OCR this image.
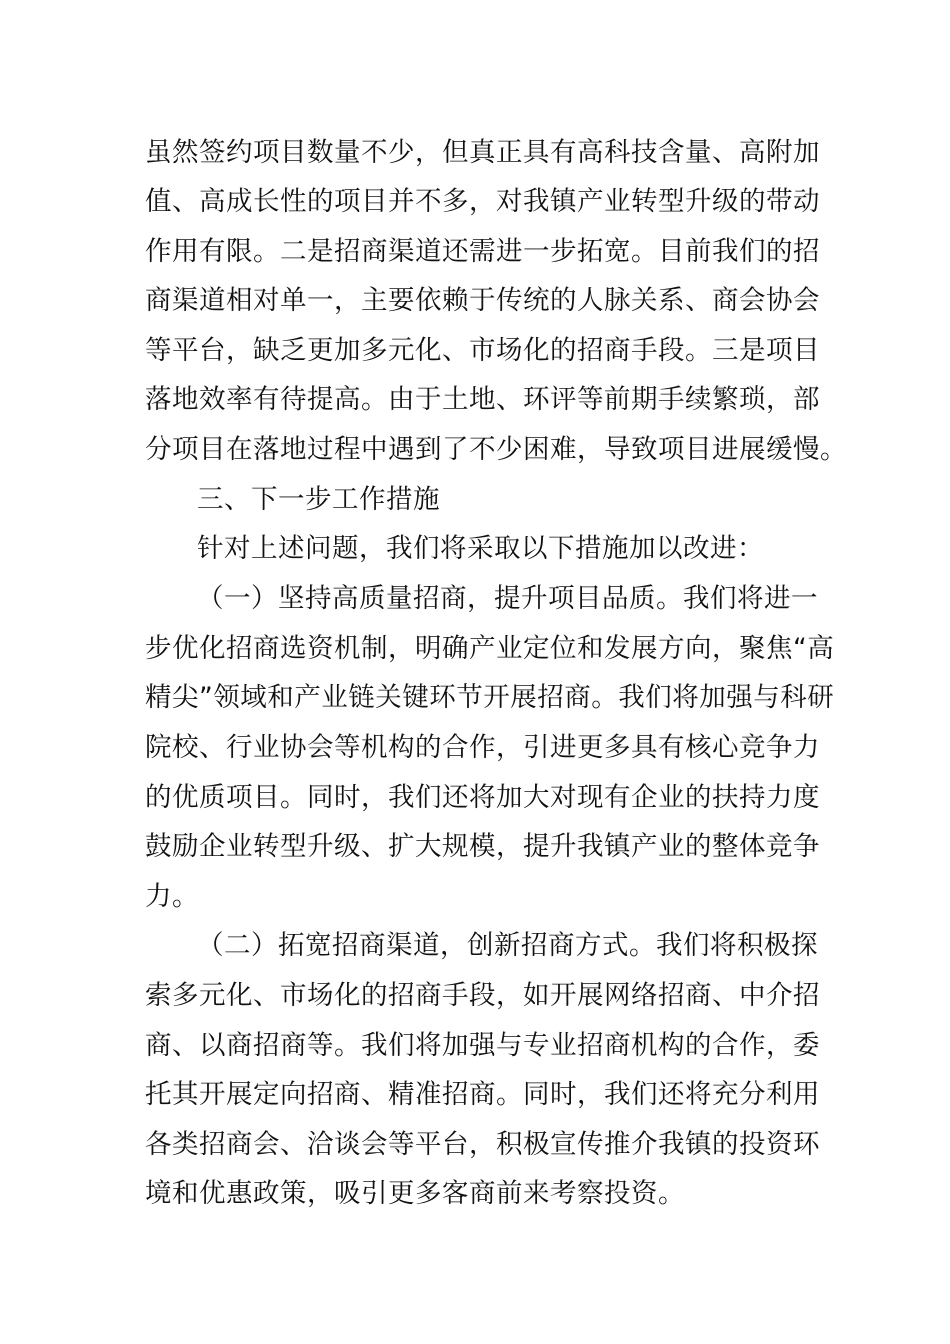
虽然签约项目数量不少，但真正具有高科技含量、高附加

值、高成长性的项目并不多，对我镇产业转型升级的带动

作用有限。二是招商渠道还需进一步拓宽。目前我们的招

商渠道相对单一，主要依赖于传统的人脉关系、商会协会

等平台，缺乏更加多元化、市场化的招商手段。三是项目

落地效率有待提高。由于土地、环评等前期手续繁琐，部

分项目在落地过程中遇到了不少困难，导致项目进展缓慢。

三、下一步工作措施

针对上述问题，我们将采取以下措施加以改进：

（一）坚持高质量招商，提升项目品质。我们将进一

步优化招商选资机制，明确产业定位和发展方向，聚焦“高

精尖”领域和产业链关键环节开展招商。我们将加强与科研

院校、行业协会等机构的合作，引进更多具有核心竞争力

的优质项目。同时，我们还将加大对现有企业的扶持力度

鼓励企业转型升级、扩大规模，提升我镇产业的整体竞争

力。

（二）拓宽招商渠道，创新招商方式。我们将积极探

索多元化、市场化的招商手段，如开展网络招商、中介招

商、以商招商等。我们将加强与专业招商机构的合作，委

托其开展定向招商、精准招商。同时，我们还将充分利用

各类招商会、洽谈会等平台，积极宣传推介我镇的投资环

境和优惠政策，吸引更多客商前来考察投资。
